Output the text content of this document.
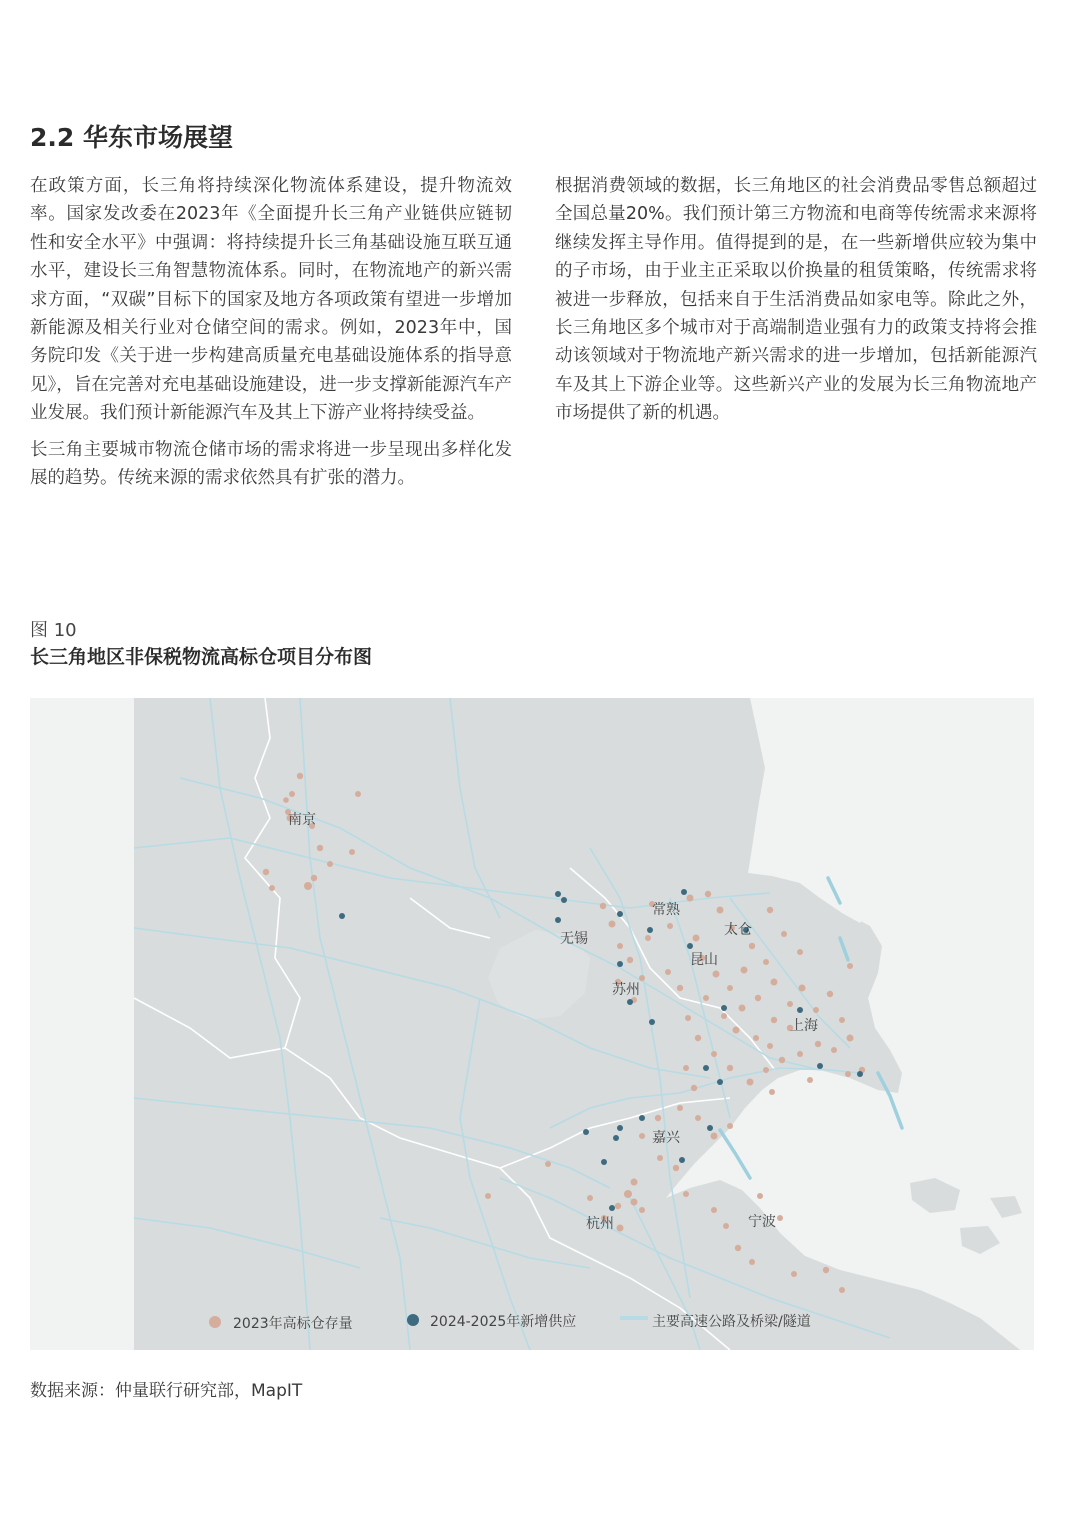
2.2 华东市场展望

在政策方面，长三角将持续深化物流体系建设，提升物流效率。国家发改委在2023年《全面提升长三角产业链供应链韧性和安全水平》中强调：将持续提升长三角基础设施互联互通水平，建设长三角智慧物流体系。同时，在物流地产的新兴需求方面，“双碳”目标下的国家及地方各项政策有望进一步增加新能源及相关行业对仓储空间的需求。例如，2023年中，国务院印发《关于进一步构建高质量充电基础设施体系的指导意见》，旨在完善对充电基础设施建设，进一步支撑新能源汽车产业发展。我们预计新能源汽车及其上下游产业将持续受益。

长三角主要城市物流仓储市场的需求将进一步呈现出多样化发展的趋势。传统来源的需求依然具有扩张的潜力。

根据消费领域的数据，长三角地区的社会消费品零售总额超过全国总量20%。我们预计第三方物流和电商等传统需求来源将继续发挥主导作用。值得提到的是，在一些新增供应较为集中的子市场，由于业主正采取以价换量的租赁策略，传统需求将被进一步释放，包括来自于生活消费品如家电等。除此之外，长三角地区多个城市对于高端制造业强有力的政策支持将会推动该领域对于物流地产新兴需求的进一步增加，包括新能源汽车及其上下游企业等。这些新兴产业的发展为长三角物流地产市场提供了新的机遇。

图 10
长三角地区非保税物流高标仓项目分布图
南京
常熟
无锡
太仓
昆山
苏州
上海
嘉兴
杭州	宁波
2023年高标仓存量	2024-2025年新增供应	主要高速公路及桥梁/隧道
数据来源：仲量联行研究部，MapIT
